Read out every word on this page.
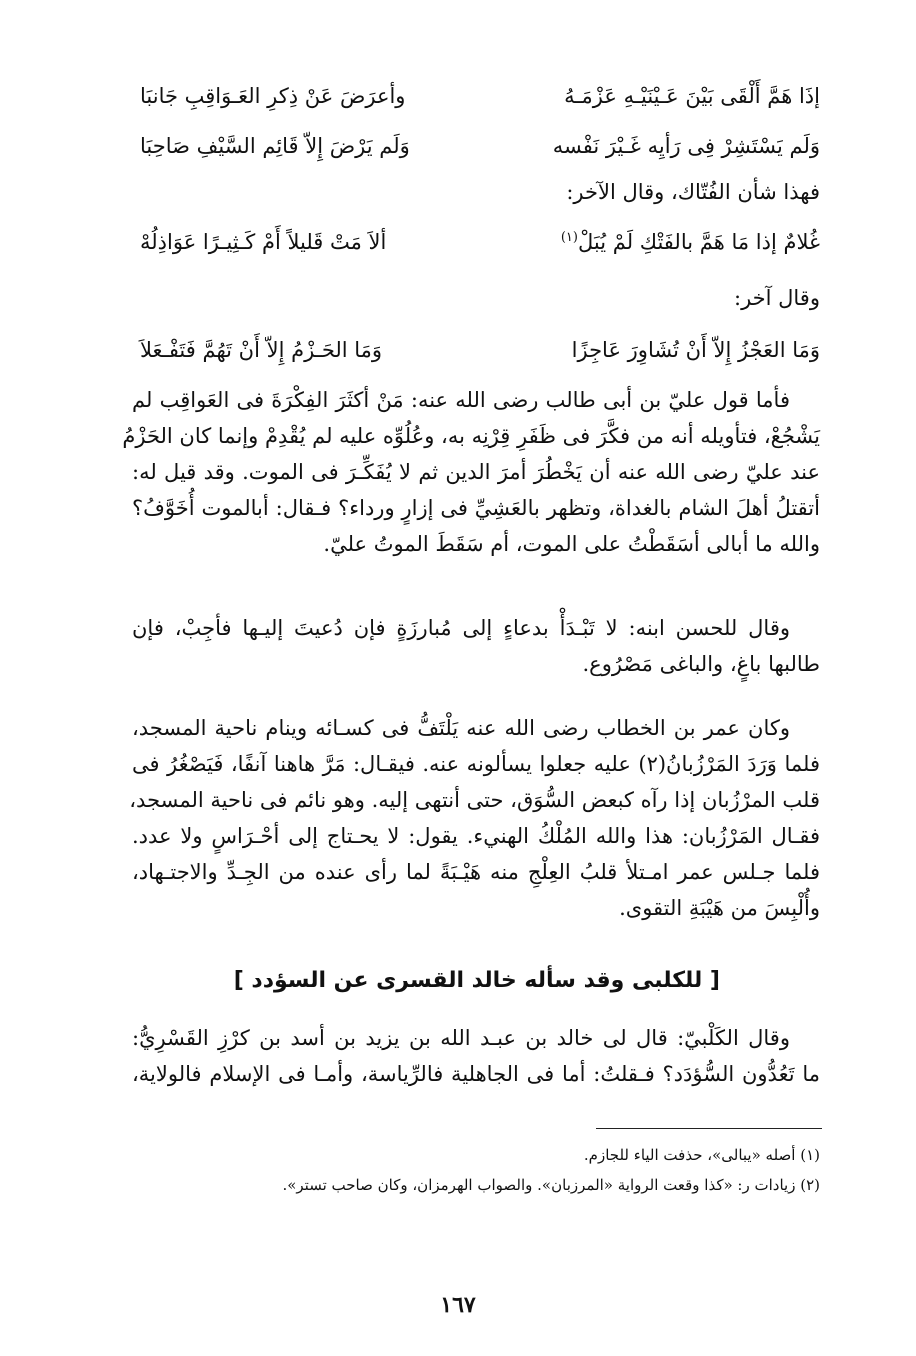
إذَا هَمَّ أَلْقَى بَيْنَ عَـيْنَيْـهِ عَزْمَـهُ
وأعرَضَ عَنْ ذِكرِ العَـوَاقِبِ جَانبَا
وَلَم يَسْتَشِرْ فِى رَأيِه غَـيْرَ نَفْسه
وَلَم يَرْضَ إِلاّ قَائِم السَّيْفِ صَاحِبَا
فهذا شأن الفُتّاك، وقال الآخر:
غُلامٌ إذا مَا هَمَّ بالفَتْكِ لَمْ يُبَلْ$^{(١)}$
ألاَ مَتْ قَليلاً أَمْ كَـثِيـرًا عَوَاذِلُهْ
وقال آخر:
وَمَا العَجْزُ إِلاّ أَنْ تُشَاوِرَ عَاجِزًا
وَمَا الحَـزْمُ إِلاّ أَنْ تَهُمَّ فَتَفْـعَلاَ
فأما قول عليّ بن أبى طالب رضى الله عنه: مَنْ أكثَرَ الفِكْرَةَ فى العَواقِب لم
يَشْجُعْ، فتأويله أنه من فكَّرَ فى ظَفَرِ قِرْنِه به، وعُلُوِّه عليه لم يُقْدِمْ وإنما كان الحَزْمُ
عند عليّ رضى الله عنه أن يَخْطُرَ أمرَ الدين ثم لا يُفَكِّـرَ فى الموت. وقد قيل له:
أتقتلُ أهلَ الشام بالغداة، وتظهر بالعَشِيِّ فى إزارٍ ورداء؟ فـقال: أبالموت أُخَوَّفُ؟
والله ما أبالى أسَقَطْتُ على الموت، أم سَقَطَ الموتُ عليّ.
وقال للحسن ابنه: لا تَبْـدَأْ بدعاءٍ إلى مُبارزَةٍ فإن دُعيتَ إليـها فأجِبْ، فإن
طالبها باغٍ، والباغى مَصْرُوع.
وكان عمر بن الخطاب رضى الله عنه يَلْتَفُّ فى كسـائه وينام ناحية المسجد،
فلما وَرَدَ المَرْزُبانُ(٢) عليه جعلوا يسألونه عنه. فيقـال: مَرَّ هاهنا آنفًا، فَيَصْغُرُ فى
قلب المرْزُبان إذا رآه كبعض السُّوَق، حتى أنتهى إليه. وهو نائم فى ناحية المسجد،
فقـال المَرْزُبان: هذا والله المُلْكُ الهنيء. يقول: لا يحـتاج إلى أحْـرَاسٍ ولا عدد.
فلما جـلس عمر امـتلأ قلبُ العِلْجِ منه هَيْـبَةً لما رأى عنده من الجِـدِّ والاجتـهاد،
وأُلْبِسَ من هَيْبَةِ التقوى.
[ للكلبى وقد سأله خالد القسرى عن السؤدد ]
وقال الكَلْبيّ: قال لى خالد بن عبـد الله بن يزيد بن أسد بن كرْزِ القَسْرِيُّ:
ما تَعُدُّون السُّؤدَد؟ فـقلتُ: أما فى الجاهلية فالرِّياسة، وأمـا فى الإسلام فالولاية،
(١) أصله «يبالى»، حذفت الياء للجازم.
(٢) زيادات ر: «كذا وقعت الرواية «المرزبان». والصواب الهرمزان، وكان صاحب تستر».
١٦٧
